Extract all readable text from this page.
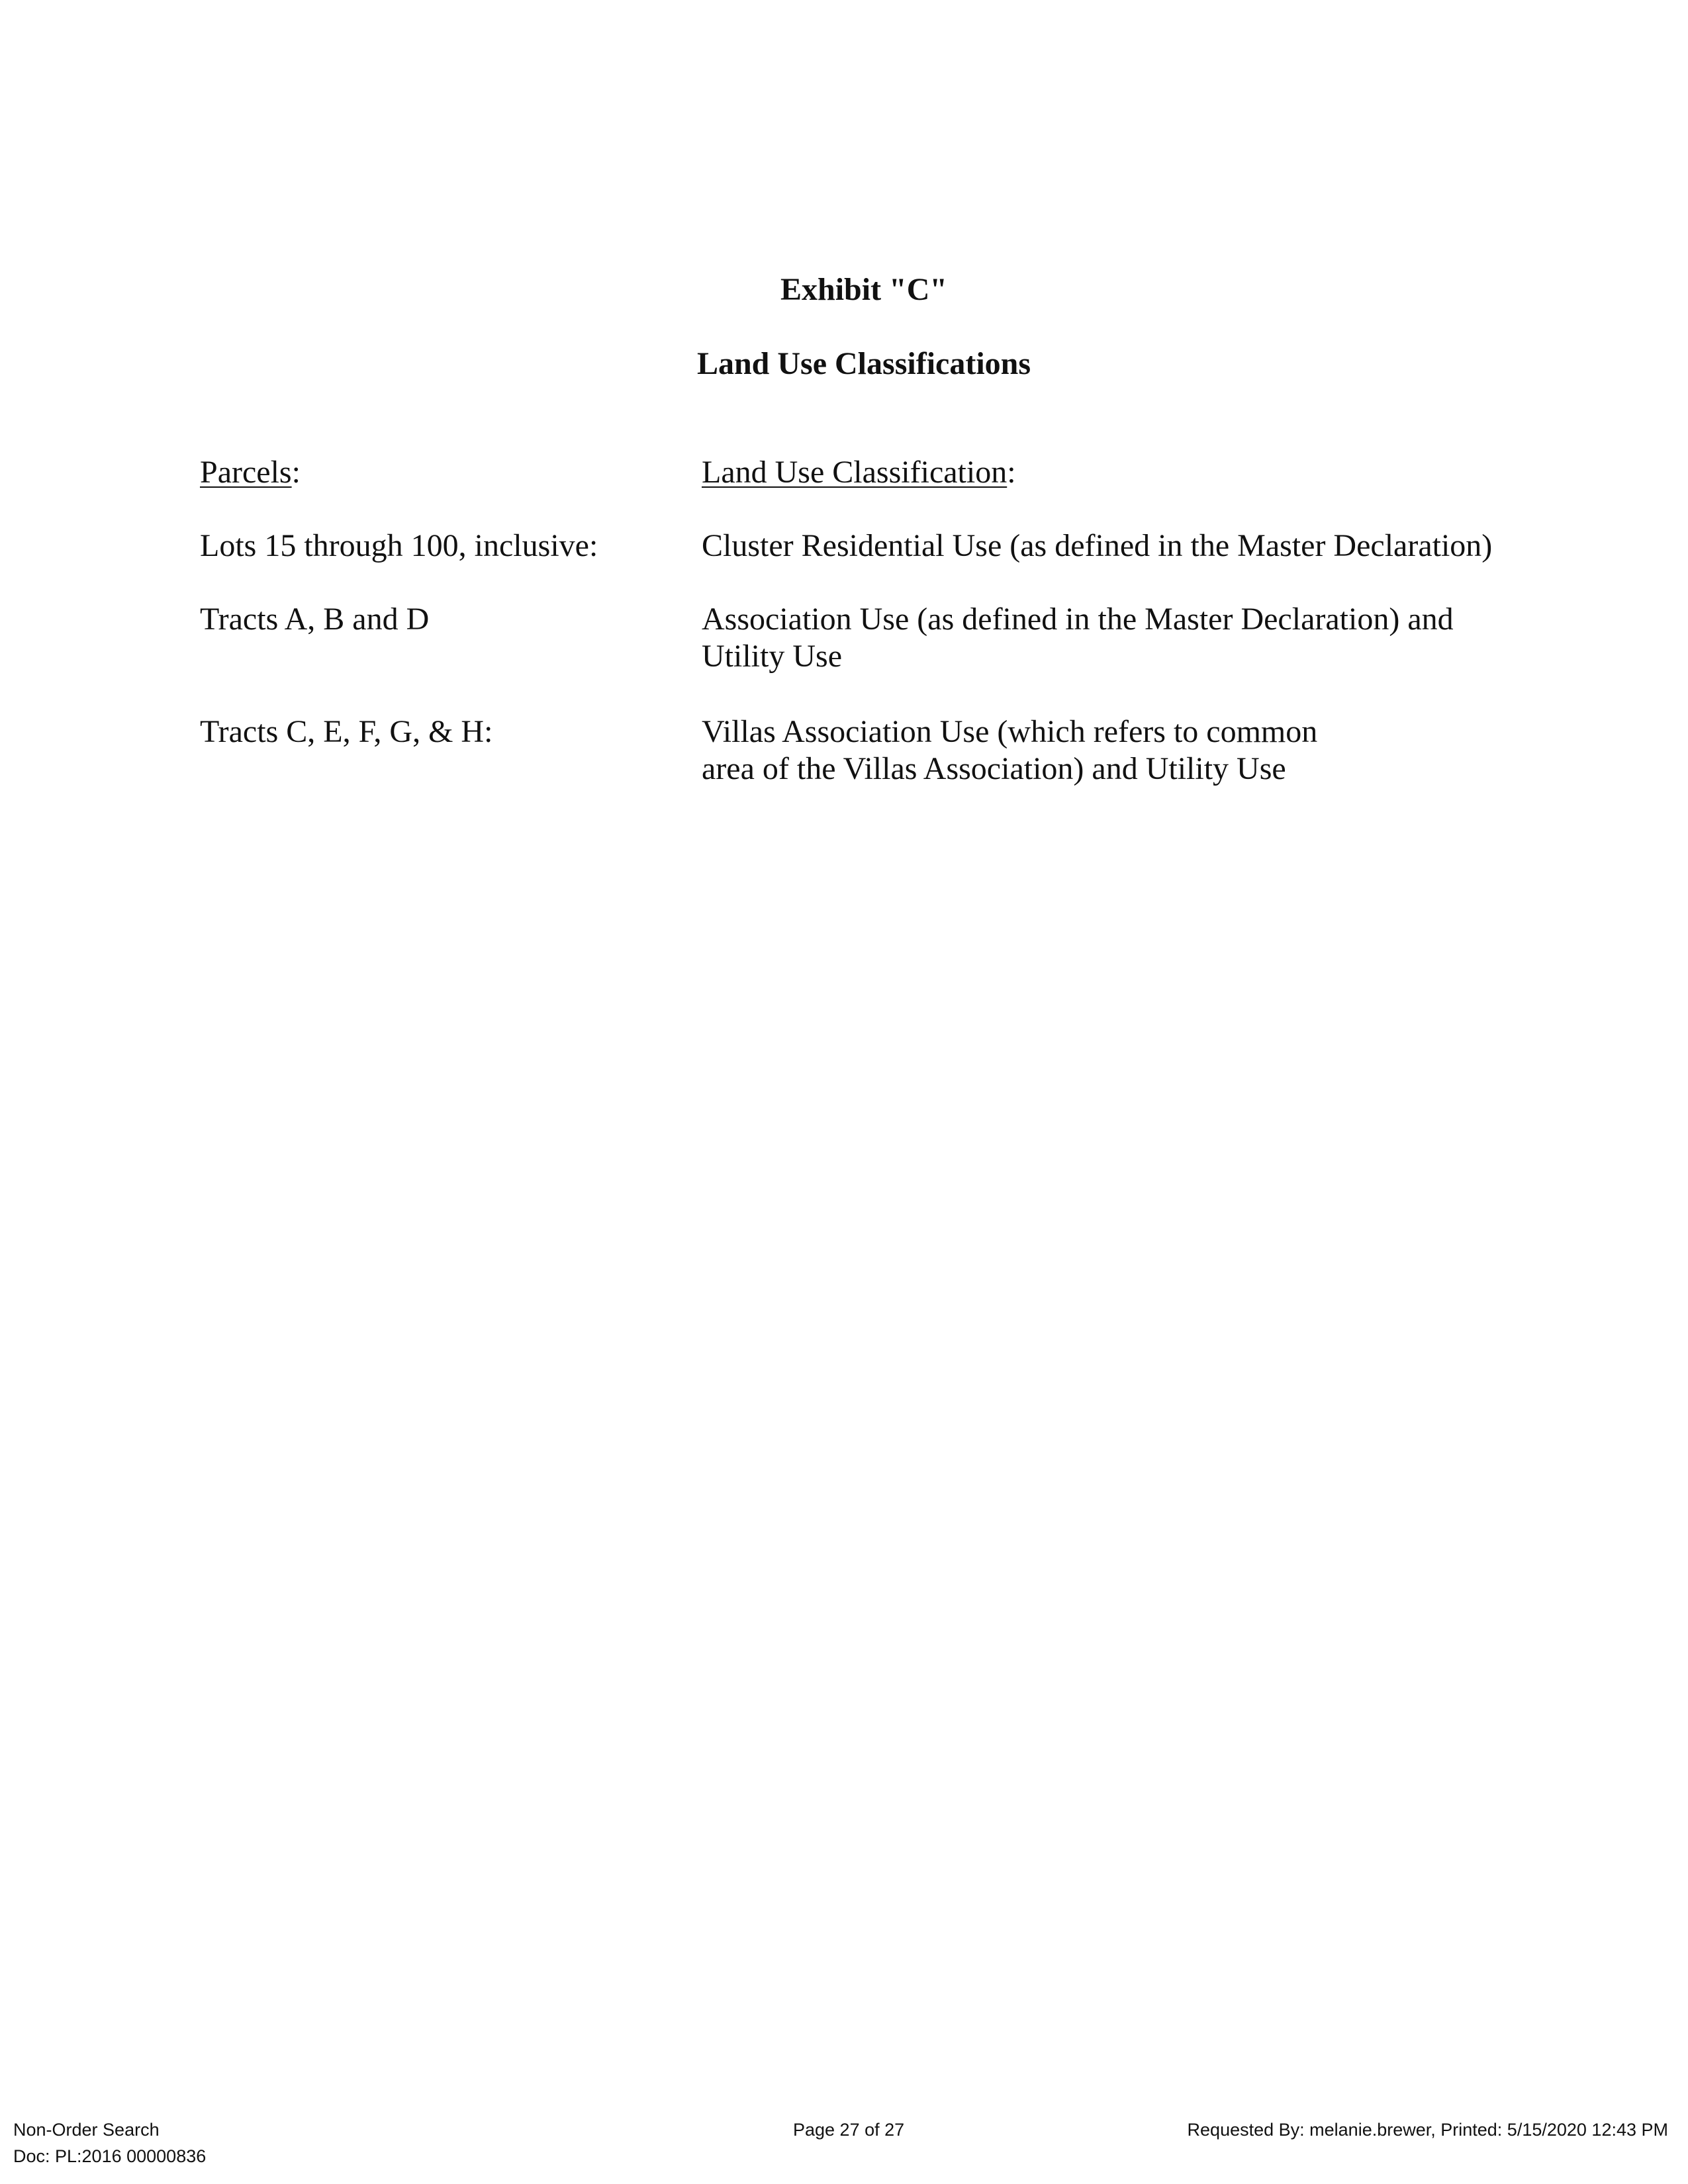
Exhibit "C"
Land Use Classifications
Parcels:	Land Use Classification:
Lots 15 through 100, inclusive:	Cluster Residential Use (as defined in the Master Declaration)
Tracts A, B and D	Association Use (as defined in the Master Declaration) and
Utility Use
Tracts C, E, F, G, & H:	Villas Association Use (which refers to common
area of the Villas Association) and Utility Use
Non-Order Search
Doc: PL:2016 00000836
Page 27 of 27	Requested By: melanie.brewer, Printed: 5/15/2020 12:43 PM
